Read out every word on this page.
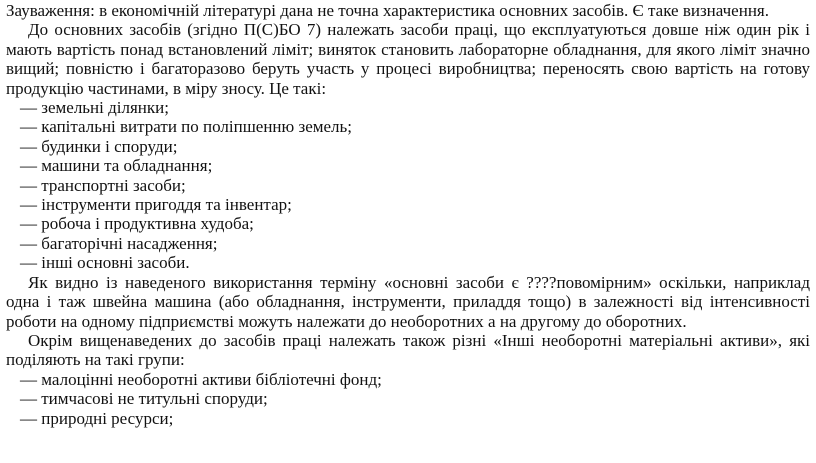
Зауваження: в економічній літературі дана не точна характеристика основних засобів. Є таке визначення.

До основних засобів (згідно П(С)БО 7) належать засоби праці, що експлуатуються довше ніж один рік і мають вартість понад встановлений ліміт; виняток становить лабораторне обладнання, для якого ліміт значно вищий; повністю і багаторазово беруть участь у процесі виробництва; переносять свою вартість на готову продукцію частинами, в міру зносу. Це такі:

— земельні ділянки;

— капітальні витрати по поліпшенню земель;

— будинки і споруди;

— машини та обладнання;

— транспортні засоби;

— інструменти пригоддя та інвентар;

— робоча і продуктивна худоба;

— багаторічні насадження;

— інші основні засоби.

Як видно із наведеного використання терміну «основні засоби є ????повомірним» оскільки, наприклад одна і таж швейна машина (або обладнання, інструменти, приладдя тощо) в залежності від інтенсивності роботи на одному підприємстві можуть належати до необоротних а на другому до оборотних.

Окрім вищенаведених до засобів праці належать також різні «Інші необоротні матеріальні активи», які поділяють на такі групи:

— малоцінні необоротні активи бібліотечні фонд;

— тимчасові не титульні споруди;

— природні ресурси;
